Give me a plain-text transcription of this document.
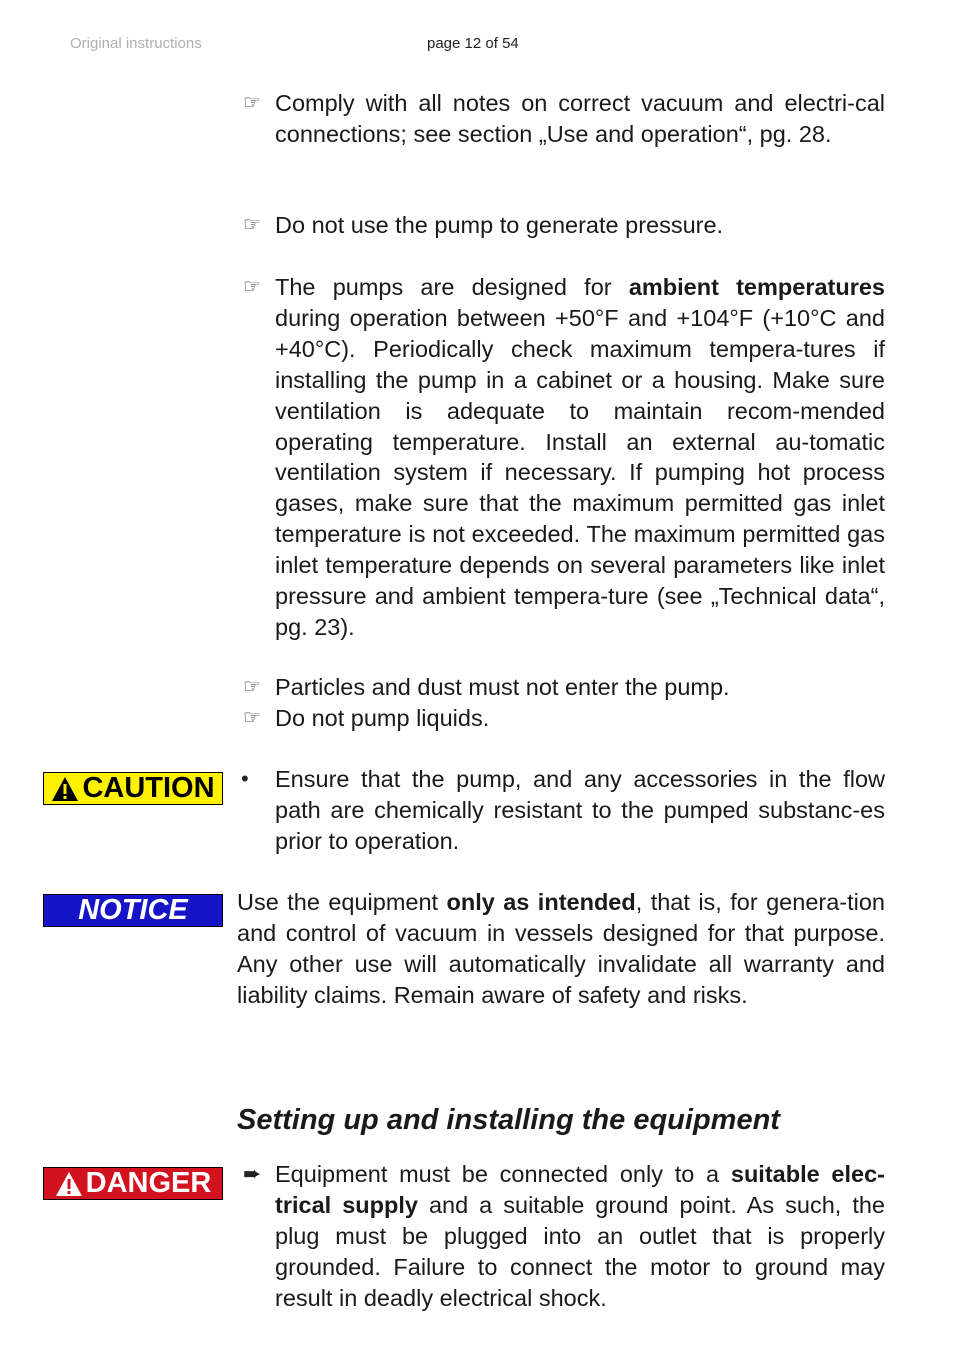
Original instructions	page 12 of 54
☞ Comply with all notes on correct vacuum and electri-cal connections; see section „Use and operation“, pg. 28.
☞ Do not use the pump to generate pressure.
☞ The pumps are designed for ambient temperatures during operation between +50°F and +104°F (+10°C and +40°C). Periodically check maximum tempera-tures if installing the pump in a cabinet or a housing. Make sure ventilation is adequate to maintain recom-mended operating temperature. Install an external au-tomatic ventilation system if necessary. If pumping hot process gases, make sure that the maximum permitted gas inlet temperature is not exceeded. The maximum permitted gas inlet temperature depends on several parameters like inlet pressure and ambient tempera-ture (see „Technical data“, pg. 23).
☞ Particles and dust must not enter the pump.
☞ Do not pump liquids.
CAUTION •	Ensure that the pump, and any accessories in the flow path are chemically resistant to the pumped substanc-es prior to operation.
NOTICE Use the equipment only as intended, that is, for genera-tion and control of vacuum in vessels designed for that purpose. Any other use will automatically invalidate all warranty and liability claims. Remain aware of safety and risks.
Setting up and installing the equipment
DANGER ➨ Equipment must be connected only to a suitable elec-trical supply and a suitable ground point. As such, the plug must be plugged into an outlet that is properly grounded. Failure to connect the motor to ground may result in deadly electrical shock.
